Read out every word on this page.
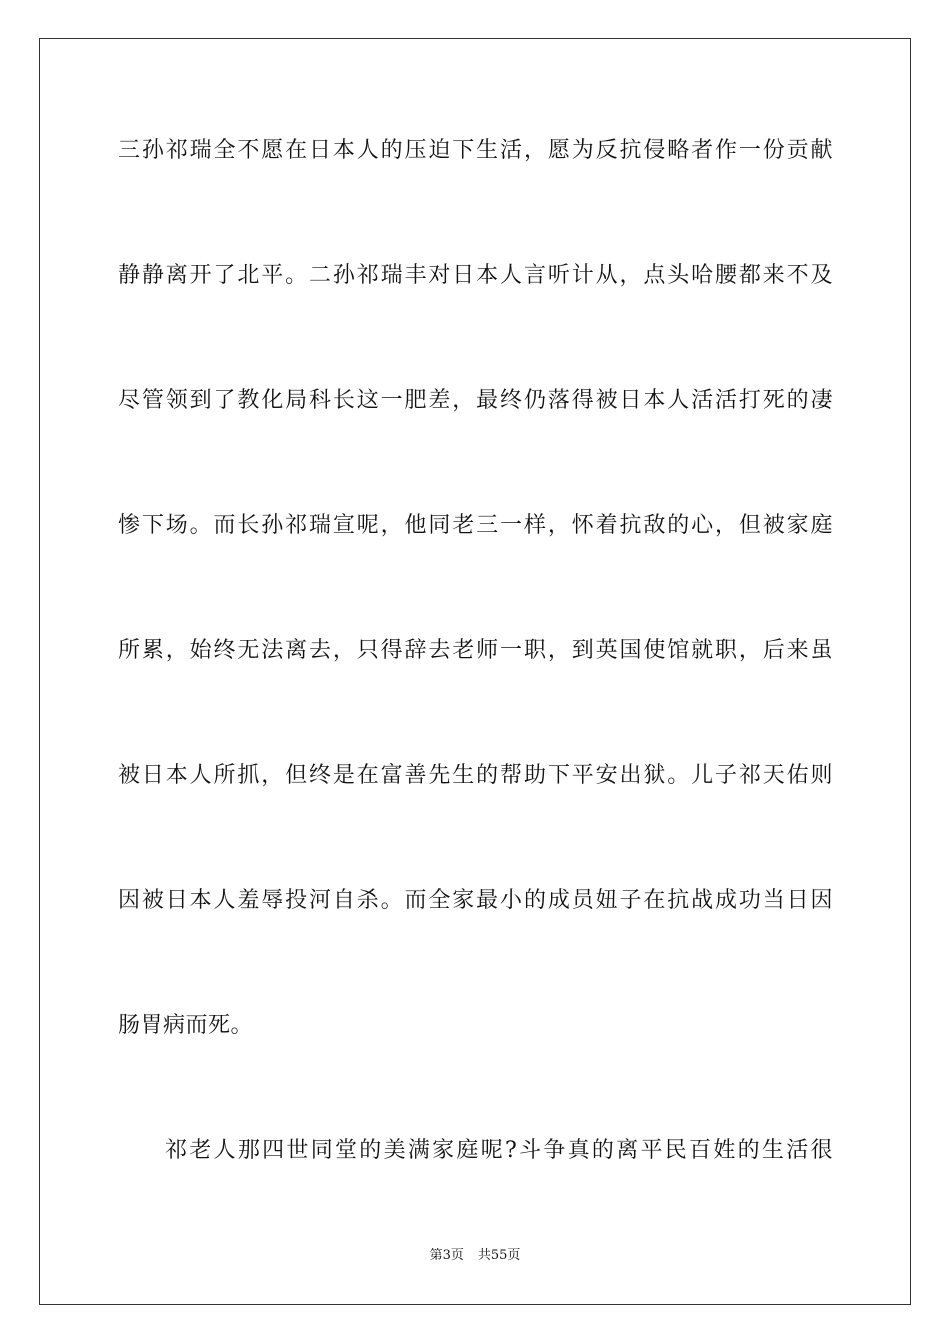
三孙祁瑞全不愿在日本人的压迫下生活，愿为反抗侵略者作一份贡献
静静离开了北平。二孙祁瑞丰对日本人言听计从，点头哈腰都来不及
尽管领到了教化局科长这一肥差，最终仍落得被日本人活活打死的凄
惨下场。而长孙祁瑞宣呢，他同老三一样，怀着抗敌的心，但被家庭
所累，始终无法离去，只得辞去老师一职，到英国使馆就职，后来虽
被日本人所抓，但终是在富善先生的帮助下平安出狱。儿子祁天佑则
因被日本人羞辱投河自杀。而全家最小的成员妞子在抗战成功当日因
肠胃病而死。
祁老人那四世同堂的美满家庭呢?斗争真的离平民百姓的生活很
第3页 共55页
